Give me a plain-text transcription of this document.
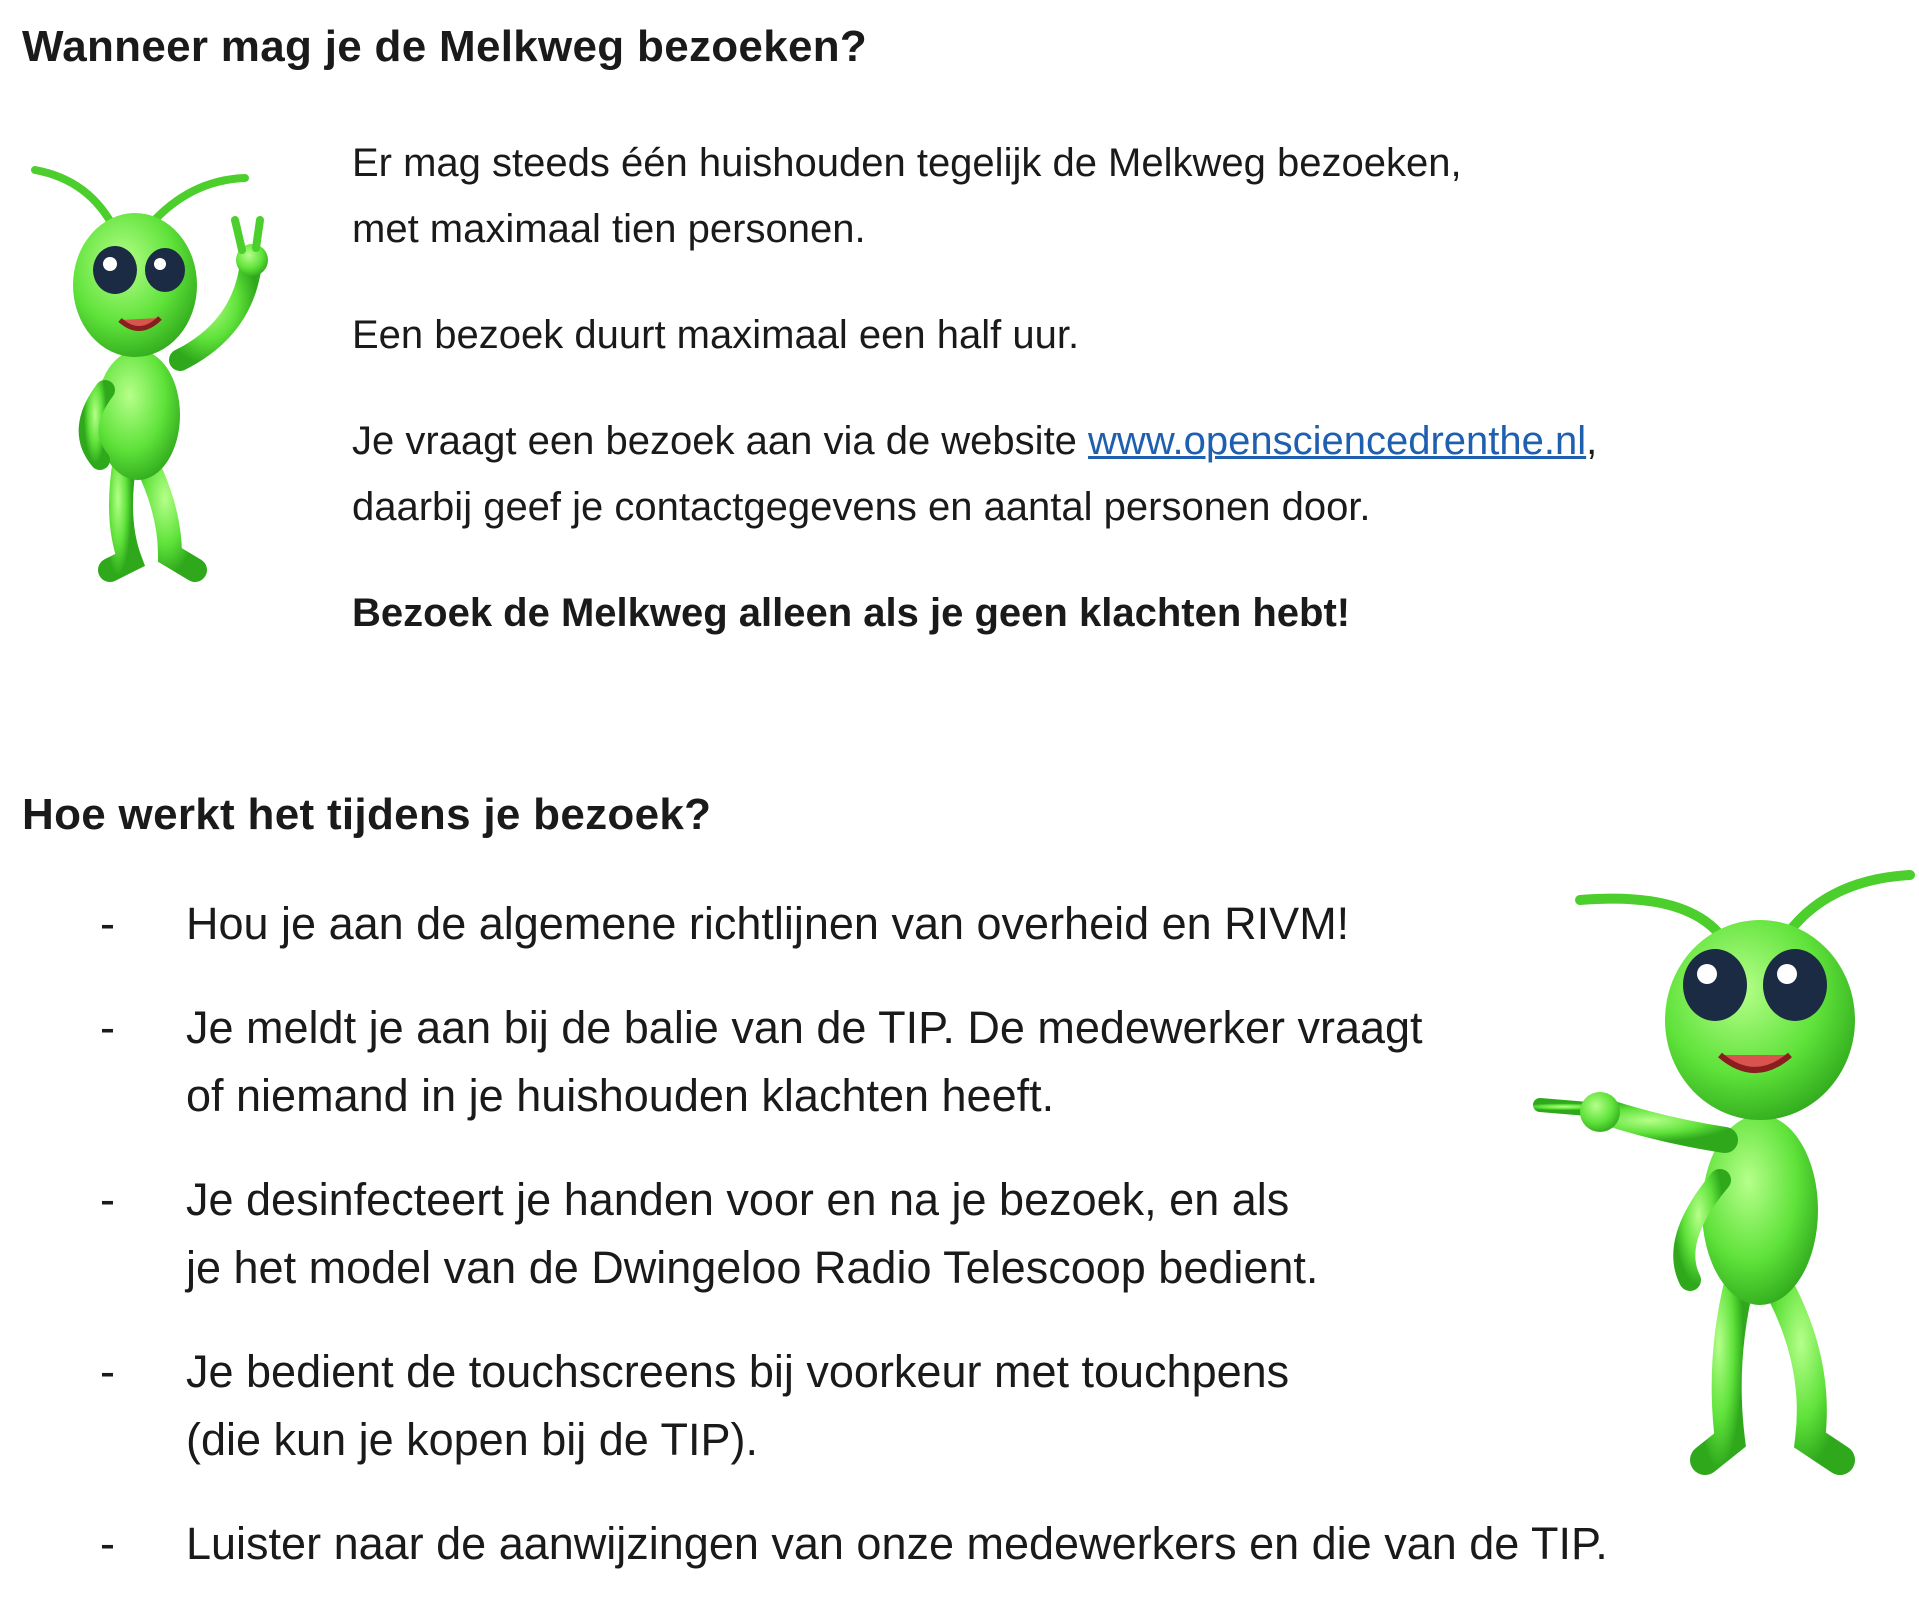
Wanneer mag je de Melkweg bezoeken?

Er mag steeds één huishouden tegelijk de Melkweg bezoeken,
met maximaal tien personen.

Een bezoek duurt maximaal een half uur.

Je vraagt een bezoek aan via de website www.opensciencedrenthe.nl,
daarbij geef je contactgegevens en aantal personen door.

Bezoek de Melkweg alleen als je geen klachten hebt!

Hoe werkt het tijdens je bezoek?
- Hou je aan de algemene richtlijnen van overheid en RIVM!
- Je meldt je aan bij de balie van de TIP. De medewerker vraagt
of niemand in je huishouden klachten heeft.
- Je desinfecteert je handen voor en na je bezoek, en als
je het model van de Dwingeloo Radio Telescoop bedient.
- Je bedient de touchscreens bij voorkeur met touchpens
(die kun je kopen bij de TIP).
- Luister naar de aanwijzingen van onze medewerkers en die van de TIP.
